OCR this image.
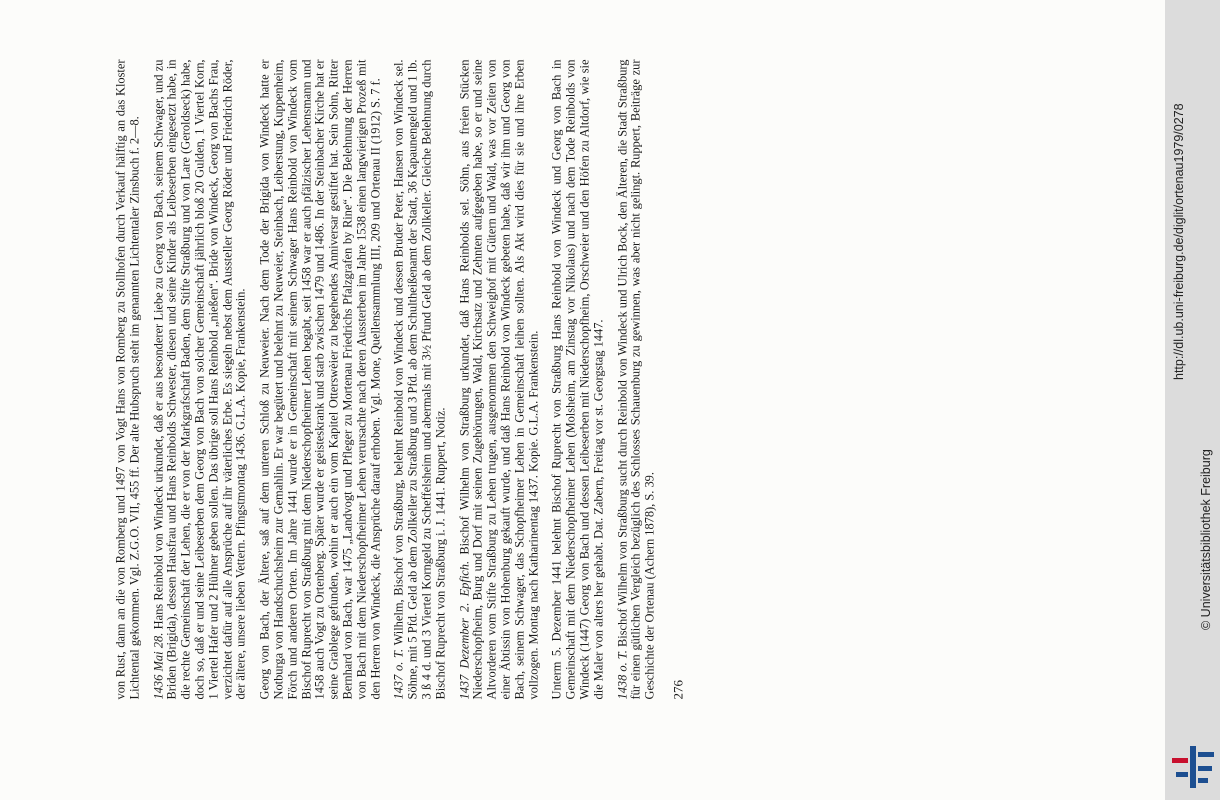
von Rust, dann an die von Romberg und 1497 von Vogt Hans von Romberg zu Stollhofen durch Verkauf hälftig an das Kloster Lichtental gekommen. Vgl. Z.G.O. VII, 455 ff. Der alte Hubspruch steht im genannten Lichtentaler Zinsbuch f. 2—8. 1436 Mai 28. Hans Reinbold von Windeck urkundet, daß er aus besonderer Liebe zu Georg von Bach, seinem Schwager, und zu Briden (Brigida), dessen Hausfrau und Hans Reinbolds Schwester, diesen und seine Kinder als Leibeserben eingesetzt habe, in die rechte Gemeinschaft der Lehen, die er von der Markgrafschaft Baden, dem Stifte Straßburg und von Lare (Geroldseck) habe, doch so, daß er und seine Leibeserben dem Georg von Bach von solcher Gemeinschaft jährlich bloß 20 Gulden, 1 Viertel Korn, 1 Viertel Hafer und 2 Hühner geben sollen. Das übrige soll Hans Reinbold „nießen“. Bride von Windeck, Georg von Bachs Frau, verzichtet dafür auf alle Ansprüche auf ihr väterliches Erbe. Es siegeln nebst dem Aussteller Georg Röder und Friedrich Röder, der ältere, unsere lieben Vettern. Pfingstmontag 1436. G.L.A. Kopie, Frankenstein. Georg von Bach, der Ältere, saß auf dem unteren Schloß zu Neuweier. Nach dem Tode der Brigida von Windeck hatte er Notburga von Handschuchsheim zur Gemahlin. Er war begütert und belehnt zu Neuweier, Steinbach, Leiberstung, Kuppenheim, Förch und anderen Orten. Im Jahre 1441 wurde er in Gemeinschaft mit seinem Schwager Hans Reinbold von Windeck vom Bischof Ruprecht von Straßburg mit dem Niederschopfheimer Lehen begabt, seit 1458 war er auch pfälzischer Lehensmann und 1458 auch Vogt zu Ortenberg. Später wurde er geisteskrank und starb zwischen 1479 und 1486. In der Steinbacher Kirche hat er seine Grablege gefunden, wohin er auch ein vom Kapitel Otterswèier zu begehendes Anniversar gestiftet hat. Sein Sohn, Ritter Bernhard von Bach, war 1475 „Landvogt und Pfleger zu Mortenau Friedrichs Pfalzgrafen by Rine“. Die Belehnung der Herren von Bach mit dem Niederschopfheimer Lehen verursachte nach deren Aussterben im Jahre 1538 einen langwierigen Prozeß mit den Herren von Windeck, die Ansprüche darauf erhoben. Vgl. Mone, Quellensammlung III, 209 und Ortenau II (1912) S. 7 f. 1437 o. T. Wilhelm, Bischof von Straßburg, belehnt Reinbold von Windeck und dessen Bruder Peter, Hansen von Windeck sel. Söhne, mit 5 Pfd. Geld ab dem Zollkeller zu Straßburg und 3 Pfd. ab dem Schultheißenamt der Stadt, 36 Kapaunengeld und 1 lb. 3 ß 4 d. und 3 Viertel Korngeld zu Scheffelsheim und abermals mit 3½ Pfund Geld ab dem Zollkeller. Gleiche Belehnung durch Bischof Ruprecht von Straßburg i. J. 1441. Ruppert, Notiz. 1437 Dezember 2. Epfich. Bischof Wilhelm von Straßburg urkundet, daß Hans Reinbolds sel. Söhn, aus freien Stücken Niederschopfheim, Burg und Dorf mit seinen Zugehörungen, Wald, Kirchsatz und Zehnten aufgegeben habe, so er und seine Altvorderen vom Stifte Straßburg zu Lehen trugen, ausgenommen den Schweighof mit Gütern und Wald, was vor Zeiten von einer Äbtissin von Hohenburg gekauft wurde, und daß Hans Reinbold von Windeck gebeten habe, daß wir ihm und Georg von Bach, seinem Schwager, das Schopfheimer Lehen in Gemeinschaft leihen sollten. Als Akt wird dies für sie und ihre Erben vollzogen. Montag nach Katharinentag 1437. Kopie. G.L.A. Frankenstein. Unterm 5. Dezember 1441 belehnt Bischof Ruprecht von Straßburg Hans Reinbold von Windeck und Georg von Bach in Gemeinschaft mit dem Niederschopfheimer Lehen (Molsheim, am Zinstag vor Nikolaus) und nach dem Tode Reinbolds von Windeck (1447) Georg von Bach und dessen Leibeserben mit Niederschopfheim, Orschweier und den Höfen zu Altdorf, wie sie die Maler von alters her gehabt. Dat. Zabern, Freitag vor st. Georgstag 1447. 1438 o. T. Bischof Wilhelm von Straßburg sucht durch Reinbold von Windeck und Ulrich Bock, den Älteren, die Stadt Straßburg für einen gütlichen Vergleich bezüglich des Schlosses Schauenburg zu gewinnen, was aber nicht gelingt. Ruppert, Beiträge zur Geschichte der Ortenau (Achern 1878), S. 39. 276
http://dl.ub.uni-freiburg.de/diglit/ortenau1979/0278
© Universitätsbibliothek Freiburg
